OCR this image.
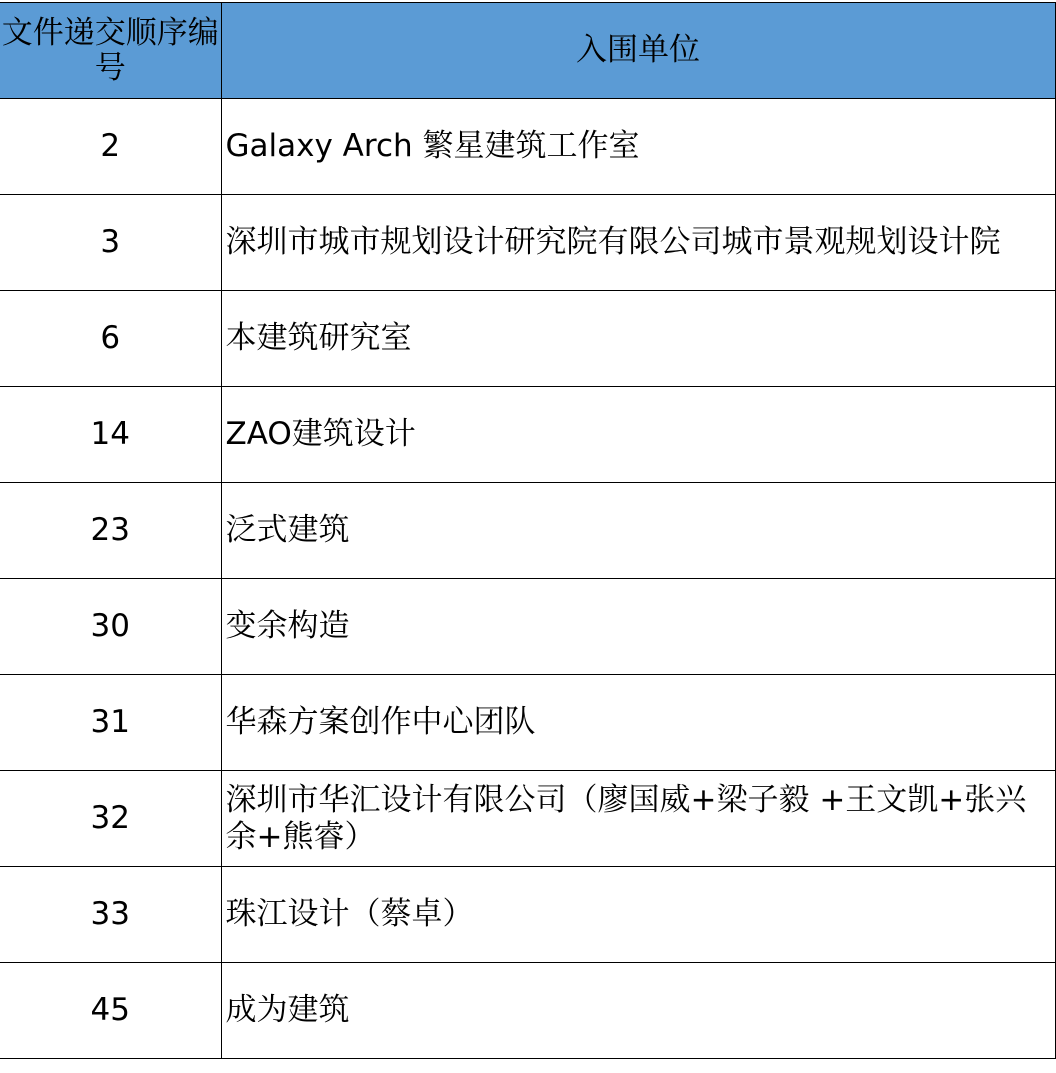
文件递交顺序编号	入围单位
2	Galaxy Arch 繁星建筑工作室
3	深圳市城市规划设计研究院有限公司城市景观规划设计院
6	本建筑研究室
14	ZAO建筑设计
23	泛式建筑
30	变余构造
31	华森方案创作中心团队
32	深圳市华汇设计有限公司（廖国威+梁子毅 +王文凯+张兴余+熊睿）
33	珠江设计（蔡卓）
45	成为建筑
